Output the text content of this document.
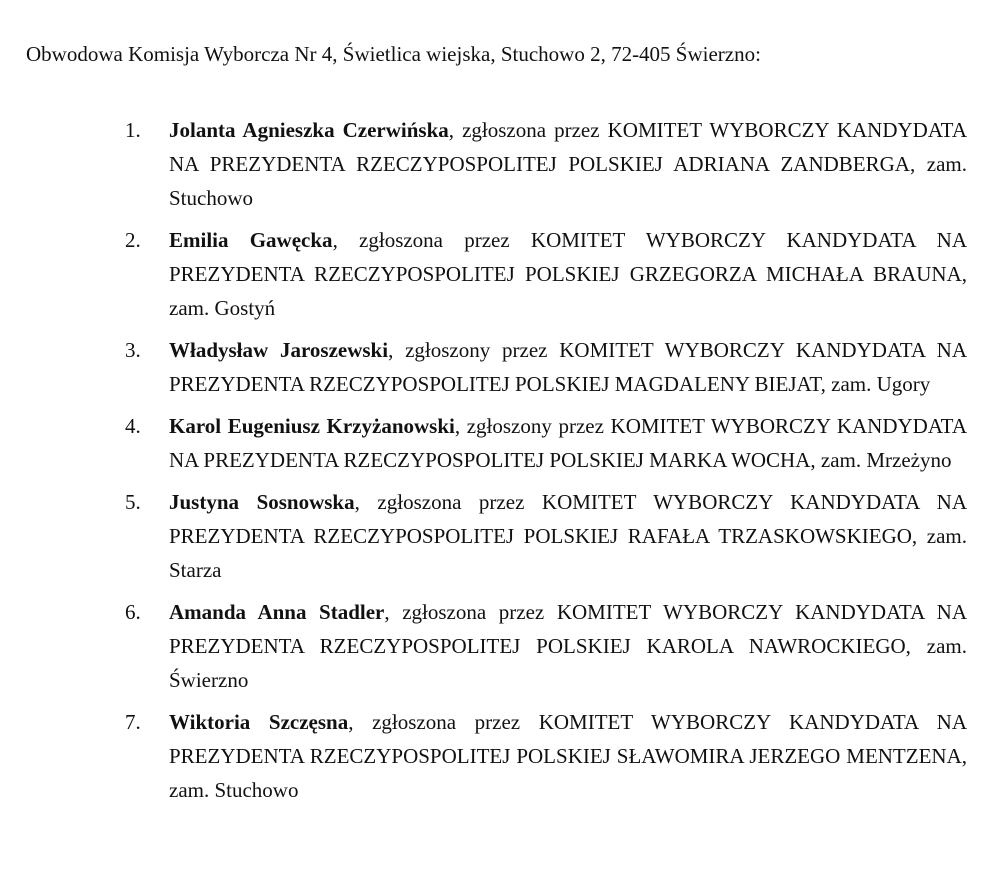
Obwodowa Komisja Wyborcza Nr 4, Świetlica wiejska, Stuchowo 2, 72-405 Świerzno:
1.	Jolanta Agnieszka Czerwińska, zgłoszona przez KOMITET WYBORCZY KANDYDATA NA PREZYDENTA RZECZYPOSPOLITEJ POLSKIEJ ADRIANA ZANDBERGA, zam. Stuchowo
2.	Emilia Gawęcka, zgłoszona przez KOMITET WYBORCZY KANDYDATA NA PREZYDENTA RZECZYPOSPOLITEJ POLSKIEJ GRZEGORZA MICHAŁA BRAUNA, zam. Gostyń
3.	Władysław Jaroszewski, zgłoszony przez KOMITET WYBORCZY KANDYDATA NA PREZYDENTA RZECZYPOSPOLITEJ POLSKIEJ MAGDALENY BIEJAT, zam. Ugory
4.	Karol Eugeniusz Krzyżanowski, zgłoszony przez KOMITET WYBORCZY KANDYDATA NA PREZYDENTA RZECZYPOSPOLITEJ POLSKIEJ MARKA WOCHA, zam. Mrzeżyno
5.	Justyna Sosnowska, zgłoszona przez KOMITET WYBORCZY KANDYDATA NA PREZYDENTA RZECZYPOSPOLITEJ POLSKIEJ RAFAŁA TRZASKOWSKIEGO, zam. Starza
6.	Amanda Anna Stadler, zgłoszona przez KOMITET WYBORCZY KANDYDATA NA PREZYDENTA RZECZYPOSPOLITEJ POLSKIEJ KAROLA NAWROCKIEGO, zam. Świerzno
7.	Wiktoria Szczęsna, zgłoszona przez KOMITET WYBORCZY KANDYDATA NA PREZYDENTA RZECZYPOSPOLITEJ POLSKIEJ SŁAWOMIRA JERZEGO MENTZENA, zam. Stuchowo
